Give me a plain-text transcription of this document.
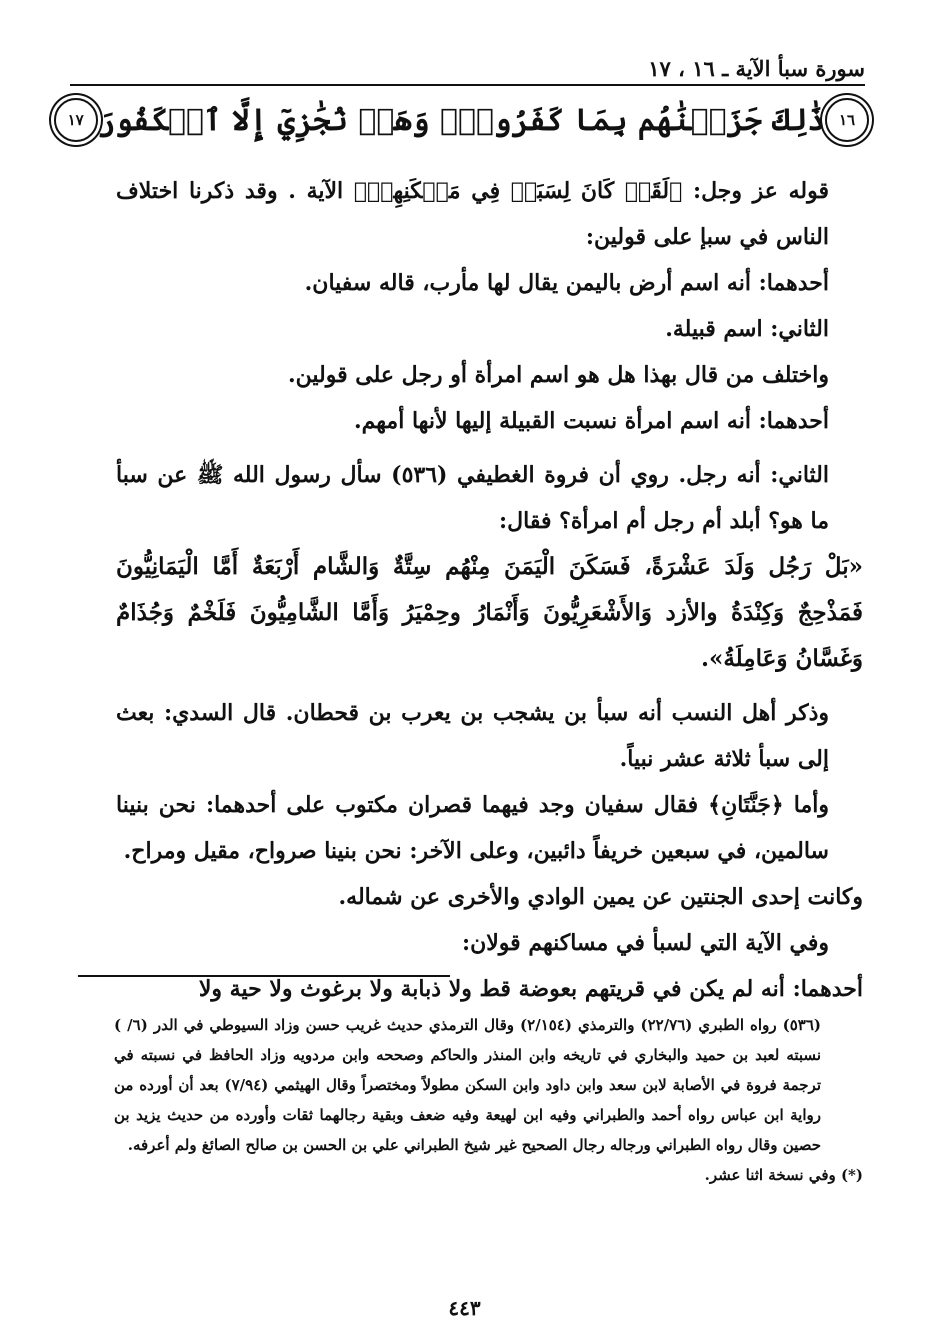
سورة سبأ الآية ـ ١٦ ، ١٧
١٦
ذَٰلِكَ جَزَيۡنَٰهُم بِمَا كَفَرُواْۖ وَهَلۡ نُجَٰزِيٓ إِلَّا ٱلۡكَفُورَ
١٧

قوله عز وجل: ﴿لَقَدۡ كَانَ لِسَبَإٖ فِي مَسۡكَنِهِمۡ﴾ الآية . وقد ذكرنا اختلاف الناس في سبإ على قولين:

أحدهما: أنه اسم أرض باليمن يقال لها مأرب، قاله سفيان.

الثاني: اسم قبيلة.

واختلف من قال بهذا هل هو اسم امرأة أو رجل على قولين.

أحدهما: أنه اسم امرأة نسبت القبيلة إليها لأنها أمهم.

الثاني: أنه رجل. روي أن فروة الغطيفي (٥٣٦) سأل رسول الله ﷺ عن سبأ ما هو؟ أبلد أم رجل أم امرأة؟ فقال:

«بَلْ رَجُل وَلَدَ عَشْرَةً، فَسَكَنَ الْيَمَنَ مِنْهُم سِتَّةٌ وَالشَّام أَرْبَعَةٌ أَمَّا الْيَمَانِيُّونَ فَمَذْحِجٌ وَكِنْدَةُ والأزد وَالأَشْعَرِيُّونَ وَأَنْمَارُ وحِمْيَرُ وَأَمَّا الشَّامِيُّونَ فَلَخْمٌ وَجُذَامٌ وَغَسَّانُ وَعَامِلَةُ».

وذكر أهل النسب أنه سبأ بن يشجب بن يعرب بن قحطان. قال السدي: بعث إلى سبأ ثلاثة عشر نبياً.

وأما ﴿جَنَّتَانِ﴾ فقال سفيان وجد فيهما قصران مكتوب على أحدهما: نحن بنينا سالمين، في سبعين خريفاً دائبين، وعلى الآخر: نحن بنينا صرواح، مقيل ومراح.

وكانت إحدى الجنتين عن يمين الوادي والأخرى عن شماله.

وفي الآية التي لسبأ في مساكنهم قولان:

أحدهما: أنه لم يكن في قريتهم بعوضة قط ولا ذبابة ولا برغوث ولا حية ولا

(٥٣٦) رواه الطبري (٢٢/٧٦) والترمذي (٢/١٥٤) وقال الترمذي حديث غريب حسن وزاد السيوطي في الدر (٦/ ) نسبته لعبد بن حميد والبخاري في تاريخه وابن المنذر والحاكم وصححه وابن مردويه وزاد الحافظ في نسبته في ترجمة فروة في الأصابة لابن سعد وابن داود وابن السكن مطولاً ومختصراً وقال الهيثمي (٧/٩٤) بعد أن أورده من رواية ابن عباس رواه أحمد والطبراني وفيه ابن لهيعة وفيه ضعف وبقية رجالهما ثقات وأورده من حديث يزيد بن حصين وقال رواه الطبراني ورجاله رجال الصحيح غير شيخ الطبراني علي بن الحسن بن صالح الصائغ ولم أعرفه.

(*) وفي نسخة اثنا عشر.

٤٤٣
